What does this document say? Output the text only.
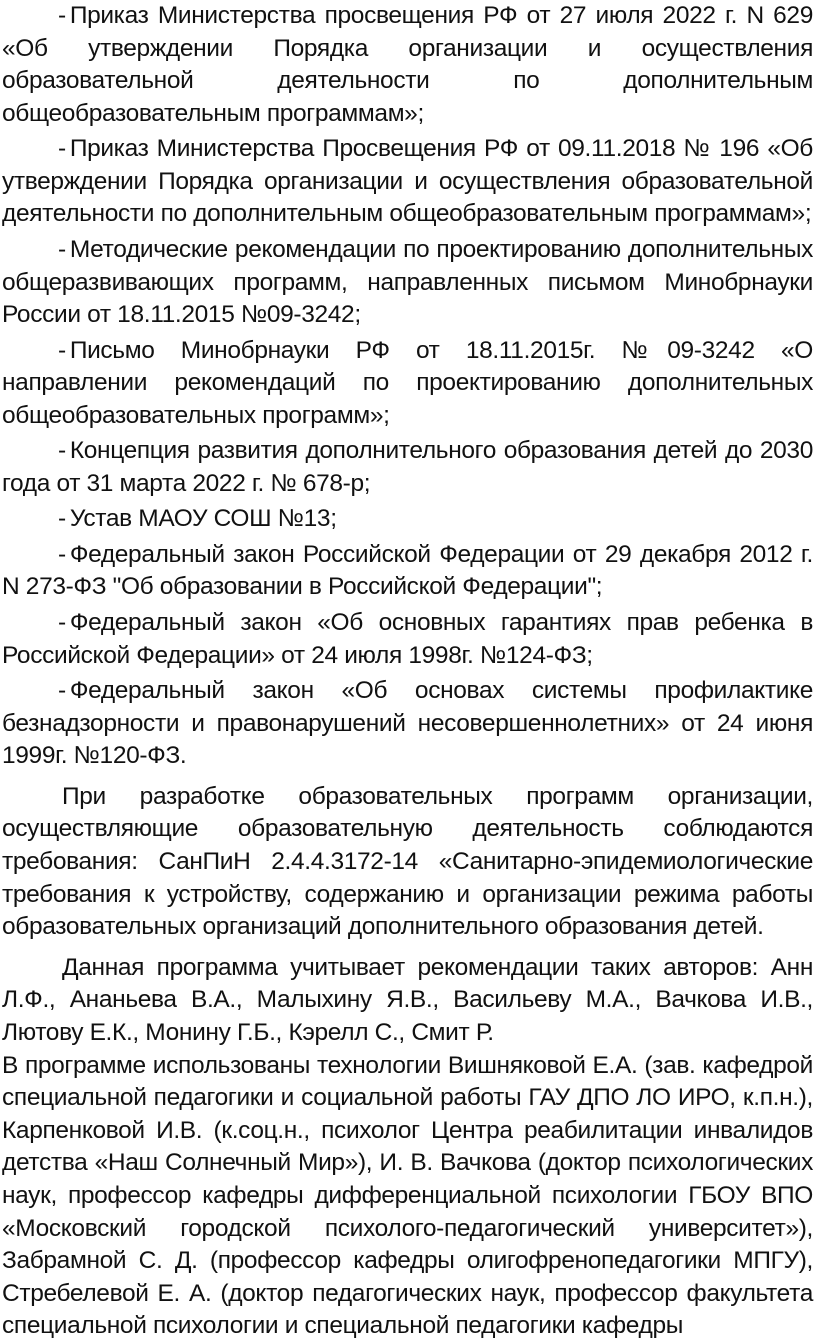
- Приказ Министерства просвещения РФ от 27 июля 2022 г. N 629 «Об утверждении Порядка организации и осуществления образовательной деятельности по дополнительным общеобразовательным программам»;

- Приказ Министерства Просвещения РФ от 09.11.2018 № 196 «Об утверждении Порядка организации и осуществления образовательной деятельности по дополнительным общеобразовательным программам»;

- Методические рекомендации по проектированию дополнительных общеразвивающих программ, направленных письмом Минобрнауки России от 18.11.2015 №09-3242;

- Письмо Минобрнауки РФ от 18.11.2015г. №09-3242 «О направлении рекомендаций по проектированию дополнительных общеобразовательных программ»;

- Концепция развития дополнительного образования детей до 2030 года от 31 марта 2022 г. № 678-р;

- Устав МАОУ СОШ №13;

- Федеральный закон Российской Федерации от 29 декабря 2012 г. N 273-ФЗ "Об образовании в Российской Федерации";

- Федеральный закон «Об основных гарантиях прав ребенка в Российской Федерации» от 24 июля 1998г. №124-ФЗ;

- Федеральный закон «Об основах системы профилактике безнадзорности и правонарушений несовершеннолетних» от 24 июня 1999г. №120-ФЗ.

При разработке образовательных программ организации, осуществляющие образовательную деятельность соблюдаются требования: СанПиН 2.4.4.3172-14 «Санитарно-эпидемиологические требования к устройству, содержанию и организации режима работы образовательных организаций дополнительного образования детей.

Данная программа учитывает рекомендации таких авторов: Анн Л.Ф., Ананьева В.А., Малыхину Я.В., Васильеву М.А., Вачкова И.В., Лютову Е.К., Монину Г.Б., Кэрелл С., Смит Р.

В программе использованы технологии Вишняковой Е.А. (зав. кафедрой специальной педагогики и социальной работы ГАУ ДПО ЛО ИРО, к.п.н.), Карпенковой И.В. (к.соц.н., психолог Центра реабилитации инвалидов детства «Наш Солнечный Мир»), И. В. Вачкова (доктор психологических наук, профессор кафедры дифференциальной психологии ГБОУ ВПО «Московский городской психолого-педагогический университет»), Забрамной С. Д. (профессор кафедры олигофренопедагогики МПГУ), Стребелевой Е. А. (доктор педагогических наук, профессор факультета специальной психологии и специальной педагогики кафедры
